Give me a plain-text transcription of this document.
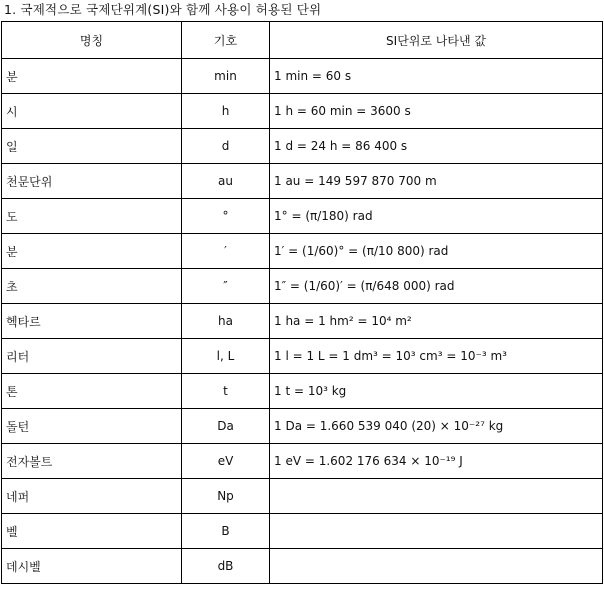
1. 국제적으로 국제단위계(SI)와 함께 사용이 허용된 단위
명칭	기호	SI단위로 나타낸 값
분	min	1 min = 60 s
시	h	1 h = 60 min = 3600 s
일	d	1 d = 24 h = 86 400 s
천문단위	au	1 au = 149 597 870 700 m
도	°	1° = (π/180) rad
분	′	1′ = (1/60)° = (π/10 800) rad
초	″	1″ = (1/60)′ = (π/648 000) rad
헥타르	ha	1 ha = 1 hm² = 10⁴ m²
리터	l, L	1 l = 1 L = 1 dm³ = 10³ cm³ = 10⁻³ m³
톤	t	1 t = 10³ kg
돌턴	Da	1 Da = 1.660 539 040 (20) × 10⁻²⁷ kg
전자볼트	eV	1 eV = 1.602 176 634 × 10⁻¹⁹ J
네퍼	Np	
벨	B	
데시벨	dB	
